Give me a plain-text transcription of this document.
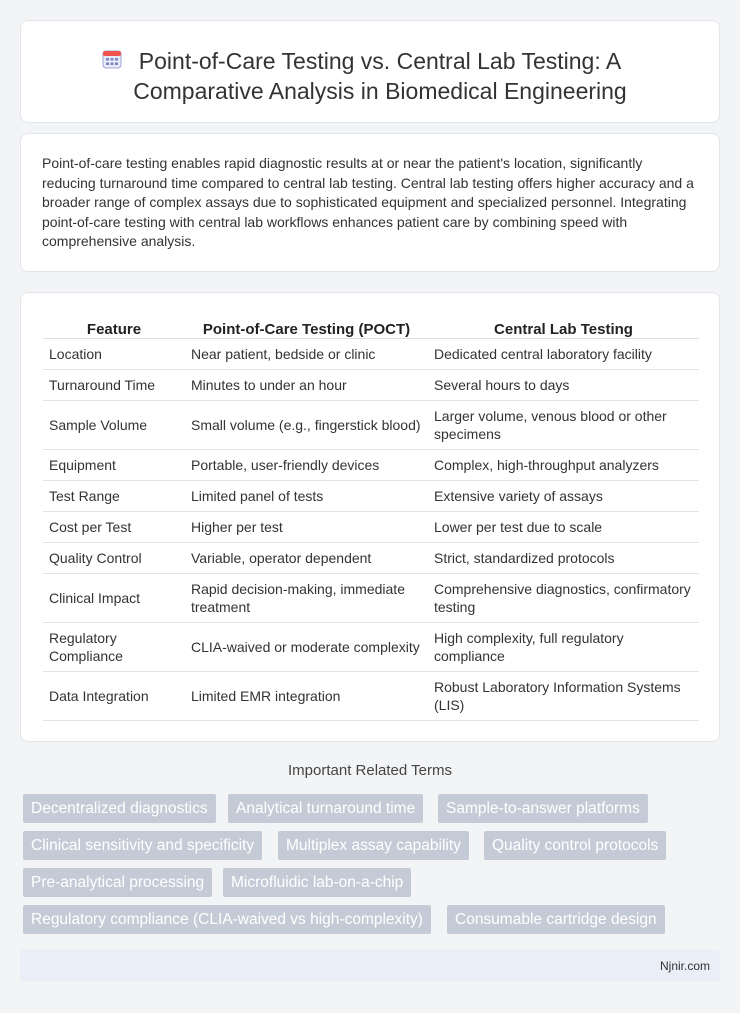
Point-of-Care Testing vs. Central Lab Testing: A Comparative Analysis in Biomedical Engineering

Point-of-care testing enables rapid diagnostic results at or near the patient's location, significantly reducing turnaround time compared to central lab testing. Central lab testing offers higher accuracy and a broader range of complex assays due to sophisticated equipment and specialized personnel. Integrating point-of-care testing with central lab workflows enhances patient care by combining speed with comprehensive analysis.

Feature	Point-of-Care Testing (POCT)	Central Lab Testing
Location	Near patient, bedside or clinic	Dedicated central laboratory facility
Turnaround Time	Minutes to under an hour	Several hours to days
Sample Volume	Small volume (e.g., fingerstick blood)	Larger volume, venous blood or other specimens
Equipment	Portable, user-friendly devices	Complex, high-throughput analyzers
Test Range	Limited panel of tests	Extensive variety of assays
Cost per Test	Higher per test	Lower per test due to scale
Quality Control	Variable, operator dependent	Strict, standardized protocols
Clinical Impact	Rapid decision-making, immediate treatment	Comprehensive diagnostics, confirmatory testing
Regulatory Compliance	CLIA-waived or moderate complexity	High complexity, full regulatory compliance
Data Integration	Limited EMR integration	Robust Laboratory Information Systems (LIS)
Important Related Terms
Decentralized diagnostics	Analytical turnaround time	Sample-to-answer platforms
Clinical sensitivity and specificity	Multiplex assay capability	Quality control protocols
Pre-analytical processing	Microfluidic lab-on-a-chip
Regulatory compliance (CLIA-waived vs high-complexity)	Consumable cartridge design
Njnir.com
